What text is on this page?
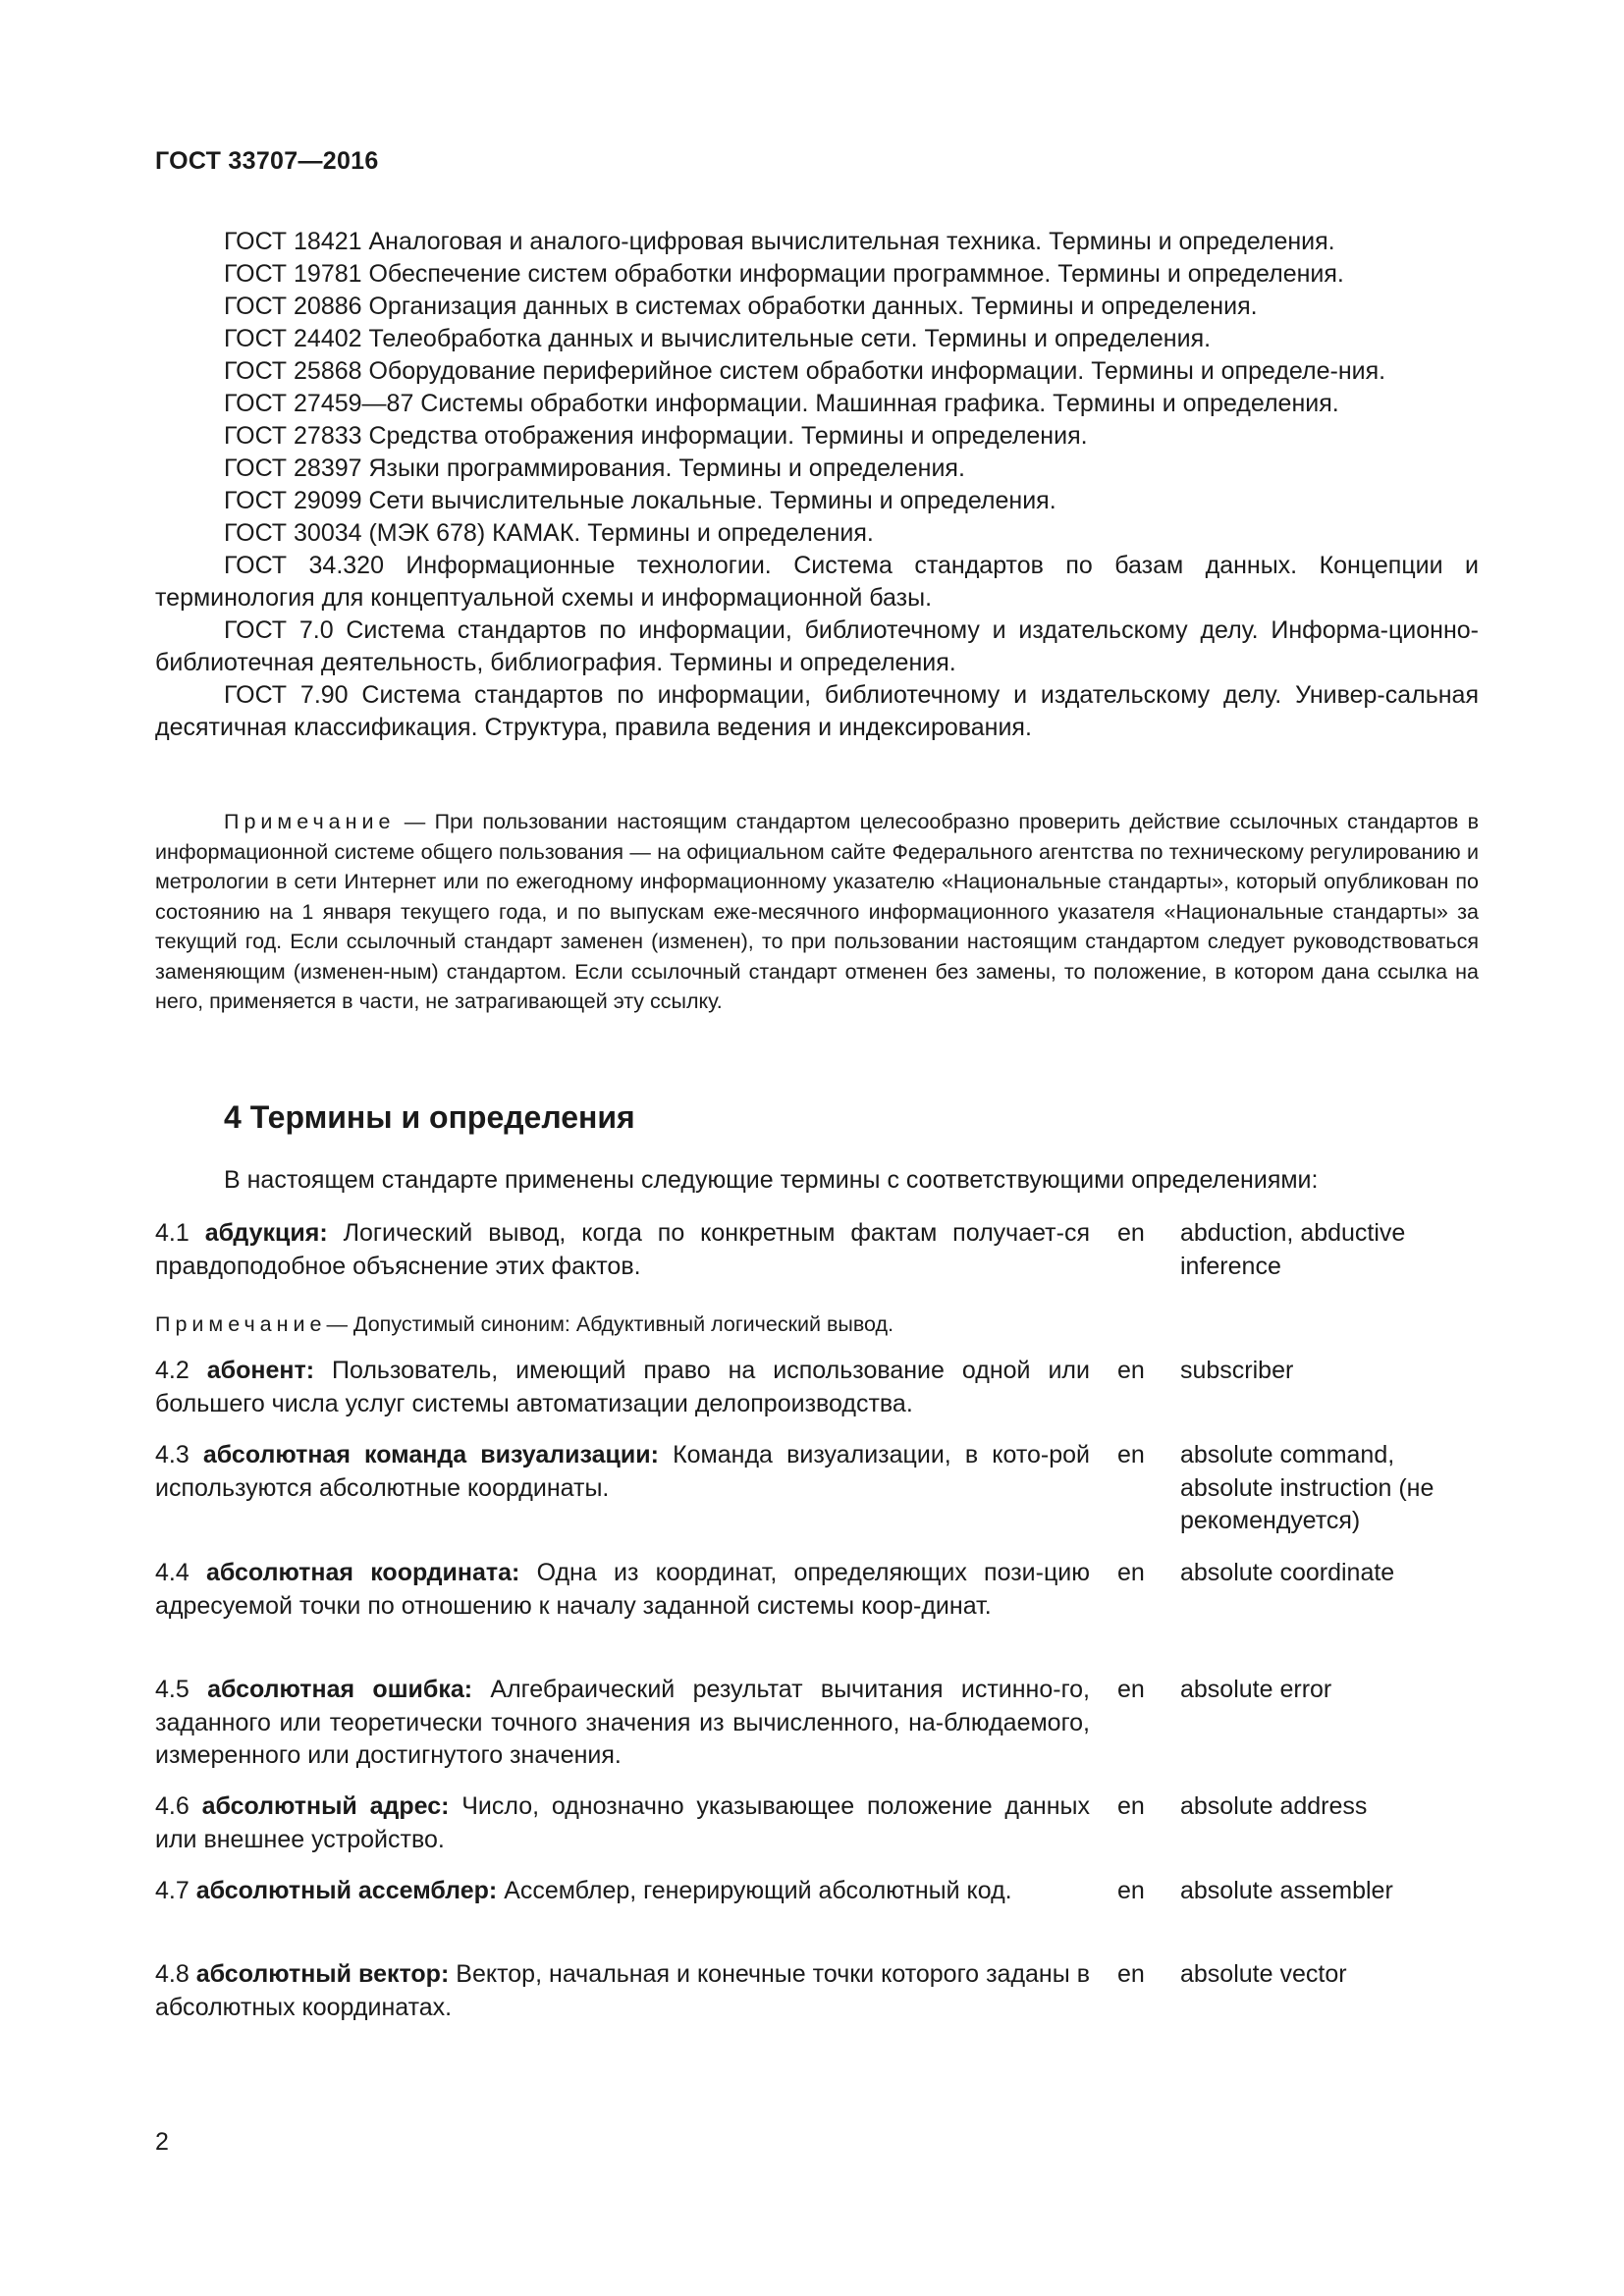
ГОСТ 33707—2016

ГОСТ 18421 Аналоговая и аналого-цифровая вычислительная техника. Термины и определения.

ГОСТ 19781 Обеспечение систем обработки информации программное. Термины и определения.

ГОСТ 20886 Организация данных в системах обработки данных. Термины и определения.

ГОСТ 24402 Телеобработка данных и вычислительные сети. Термины и определения.

ГОСТ 25868 Оборудование периферийное систем обработки информации. Термины и определе-ния.

ГОСТ 27459—87 Системы обработки информации. Машинная графика. Термины и определения.

ГОСТ 27833 Средства отображения информации. Термины и определения.

ГОСТ 28397 Языки программирования. Термины и определения.

ГОСТ 29099 Сети вычислительные локальные. Термины и определения.

ГОСТ 30034 (МЭК 678) КАМАК. Термины и определения.

ГОСТ 34.320 Информационные технологии. Система стандартов по базам данных. Концепции и терминология для концептуальной схемы и информационной базы.

ГОСТ 7.0 Система стандартов по информации, библиотечному и издательскому делу. Информа-ционно- библиотечная деятельность, библиография. Термины и определения.

ГОСТ 7.90 Система стандартов по информации, библиотечному и издательскому делу. Универ-сальная десятичная классификация. Структура, правила ведения и индексирования.

Примечание — При пользовании настоящим стандартом целесообразно проверить действие ссылочных стандартов в информационной системе общего пользования — на официальном сайте Федерального агентства по техническому регулированию и метрологии в сети Интернет или по ежегодному информационному указателю «Национальные стандарты», который опубликован по состоянию на 1 января текущего года, и по выпускам еже-месячного информационного указателя «Национальные стандарты» за текущий год. Если ссылочный стандарт заменен (изменен), то при пользовании настоящим стандартом следует руководствоваться заменяющим (изменен-ным) стандартом. Если ссылочный стандарт отменен без замены, то положение, в котором дана ссылка на него, применяется в части, не затрагивающей эту ссылку.
4 Термины и определения
В настоящем стандарте применены следующие термины с соответствующими определениями:
4.1 абдукция: Логический вывод, когда по конкретным фактам получает-ся правдоподобное объяснение этих фактов.
en abduction, abductive inference
Примечание— Допустимый синоним: Абдуктивный логический вывод.
4.2 абонент: Пользователь, имеющий право на использование одной или большего числа услуг системы автоматизации делопроизводства.
en subscriber
4.3 абсолютная команда визуализации: Команда визуализации, в кото-рой используются абсолютные координаты.
en absolute command, absolute instruction (не рекомендуется)
4.4 абсолютная координата: Одна из координат, определяющих пози-цию адресуемой точки по отношению к началу заданной системы коор-динат.
en absolute coordinate
4.5 абсолютная ошибка: Алгебраический результат вычитания истинно-го, заданного или теоретически точного значения из вычисленного, на-блюдаемого, измеренного или достигнутого значения.
en absolute error
4.6 абсолютный адрес: Число, однозначно указывающее положение данных или внешнее устройство.
en absolute address
4.7 абсолютный ассемблер: Ассемблер, генерирующий абсолютный код.	en absolute assembler
4.8 абсолютный вектор: Вектор, начальная и конечные точки которого заданы в абсолютных координатах.
en absolute vector
2
